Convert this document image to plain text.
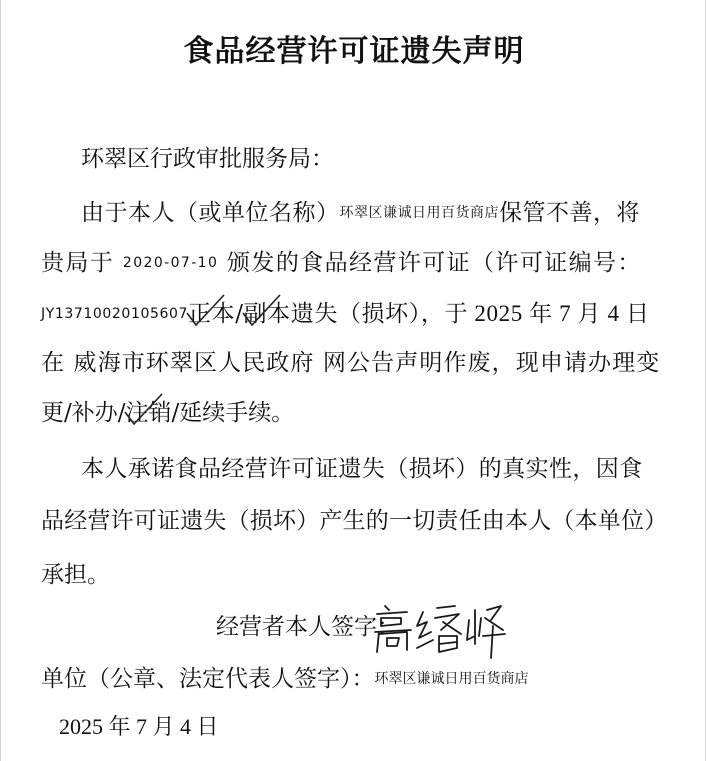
食品经营许可证遗失声明
环翠区行政审批服务局：
由于本人（或单位名称）环翠区谦诚日用百货商店保管不善，将
贵局于 2020-07-10 颁发的食品经营许可证（许可证编号：
JY13710020105607正本
/副本
遗失（损坏），于 2025 年 7 月 4 日
在 威海市环翠区人民政府 网公告声明作废，现申请办理变
更/补办/注销
/延续手续。
本人承诺食品经营许可证遗失（损坏）的真实性，因食
品经营许可证遗失（损坏）产生的一切责任由本人（本单位）
承担。
经营者本人签字：
单位（公章、法定代表人签字）：环翠区谦诚日用百货商店
2025 年 7 月 4 日
